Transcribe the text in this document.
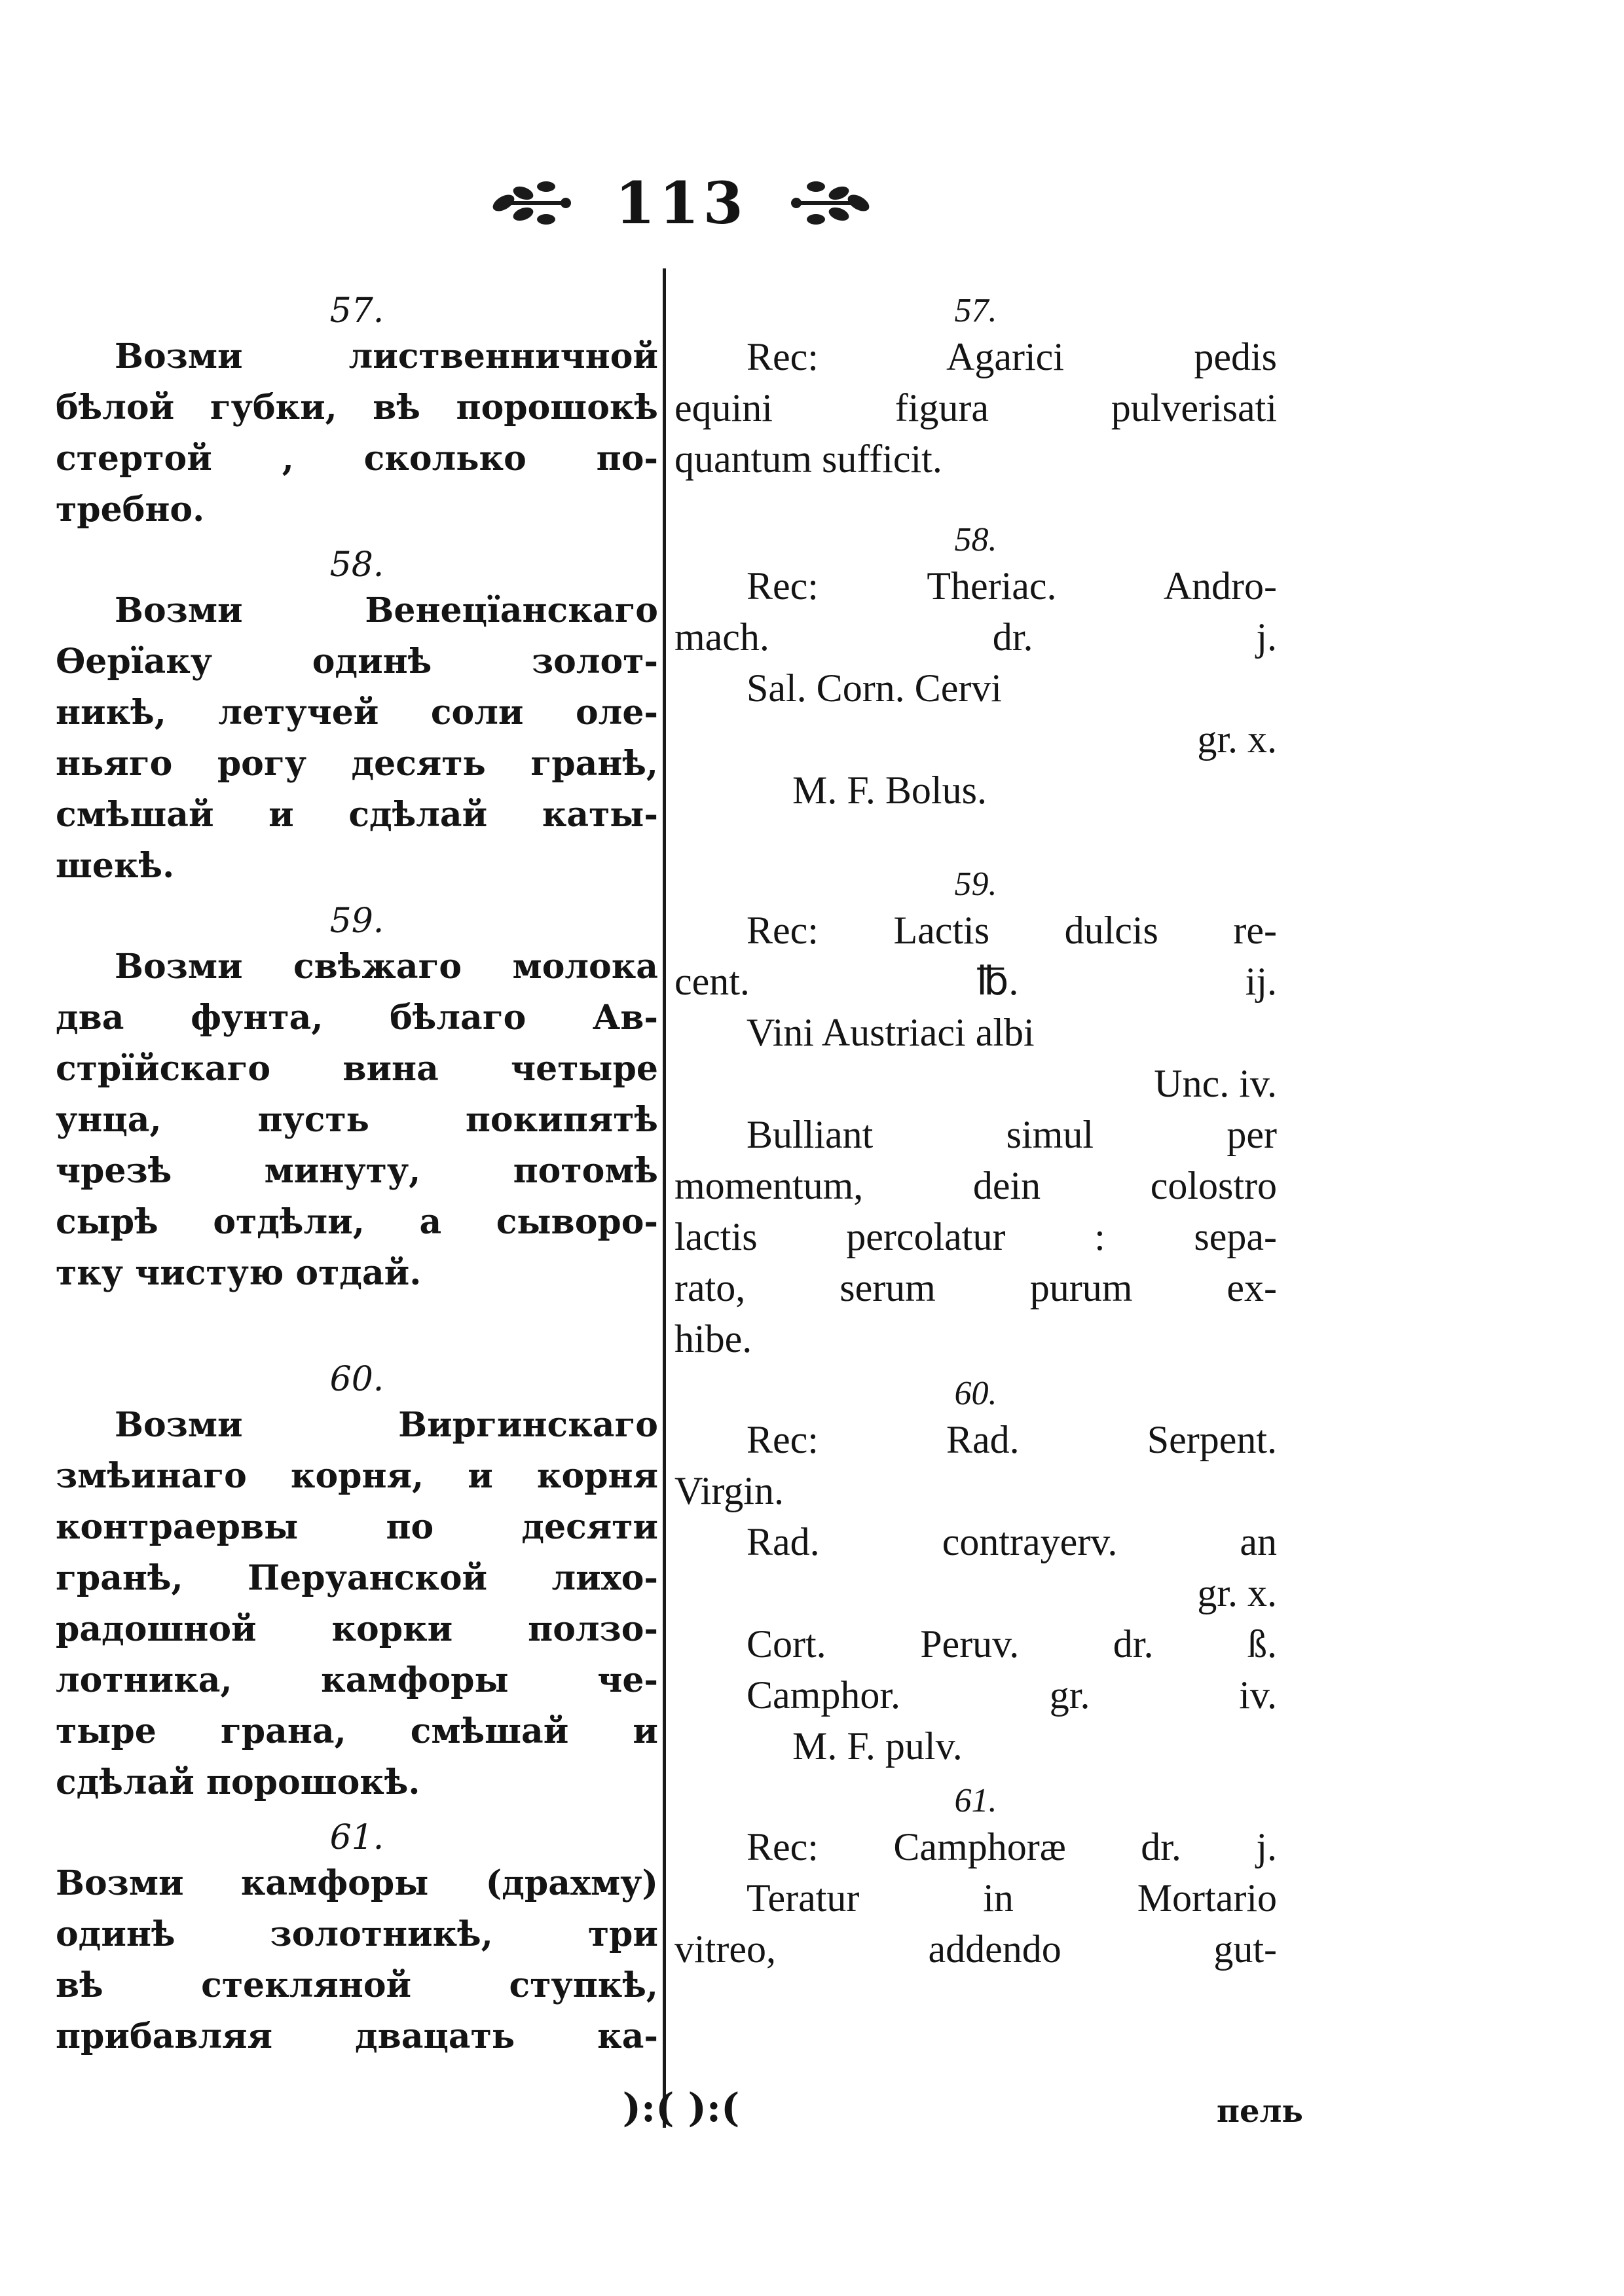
113
57.
Возми лиственничной
бѣлой губки, вѣ порошокѣ
стертой , сколько по-
требно.
58.
Возми Венецїанскаго
Ѳерїаку одинѣ золот-
никѣ, летучей соли оле-
ньяго рогу десять гранѣ,
смѣшай и сдѣлай каты-
шекѣ.
59.
Возми свѣжаго молока
два фунта, бѣлаго Ав-
стрїйскаго вина четыре
унца, пусть покипятѣ
чрезѣ минуту, потомѣ
сырѣ отдѣли, а сыворо-
тку чистую отдай.
60.
Возми Виргинскаго
змѣинаго корня, и корня
контраервы по десяти
гранѣ, Перуанской лихо-
радошной корки ползо-
лотника, камфоры че-
тыре грана, смѣшай и
сдѣлай порошокѣ.
61.
Возми камфоры (драхму)
одинѣ золотникѣ, три
вѣ стекляной ступкѣ,
прибавляя двацать ка-
57.
Rec: Agarici pedis
equini figura pulverisati
quantum sufficit.
58.
Rec: Theriac. Andro-
mach. dr. j.
Sal. Corn. Cervi
gr. x.
M. F. Bolus.
59.
Rec: Lactis dulcis re-
cent. ℔. ij.
Vini Austriaci albi
Unc. iv.
Bulliant simul per
momentum, dein colostro
lactis percolatur : sepa-
rato, serum purum ex-
hibe.
60.
Rec: Rad. Serpent.
Virgin.
Rad. contrayerv. an
gr. x.
Cort. Peruv. dr. ß.
Camphor. gr. iv.
M. F. pulv.
61.
Rec: Camphoræ dr. j.
Teratur in Mortario
vitreo, addendo gut-
):( ):(	пель
